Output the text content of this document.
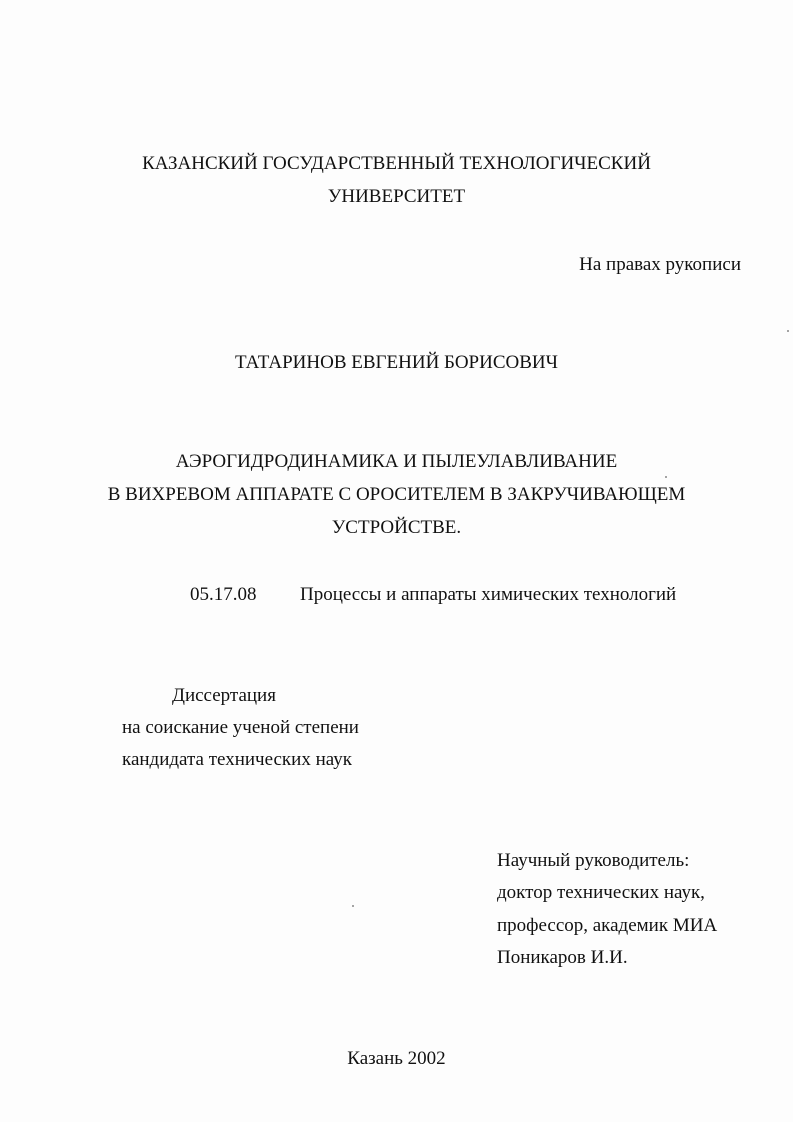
КАЗАНСКИЙ ГОСУДАРСТВЕННЫЙ ТЕХНОЛОГИЧЕСКИЙ
УНИВЕРСИТЕТ
На правах рукописи
ТАТАРИНОВ ЕВГЕНИЙ БОРИСОВИЧ
АЭРОГИДРОДИНАМИКА И ПЫЛЕУЛАВЛИВАНИЕ
В ВИХРЕВОМ АППАРАТЕ С ОРОСИТЕЛЕМ В ЗАКРУЧИВАЮЩЕМ
УСТРОЙСТВЕ.
05.17.08 Процессы и аппараты химических технологий
Диссертация
на соискание ученой степени
кандидата технических наук
Научный руководитель:
доктор технических наук,
профессор, академик МИА
Поникаров И.И.
Казань 2002
